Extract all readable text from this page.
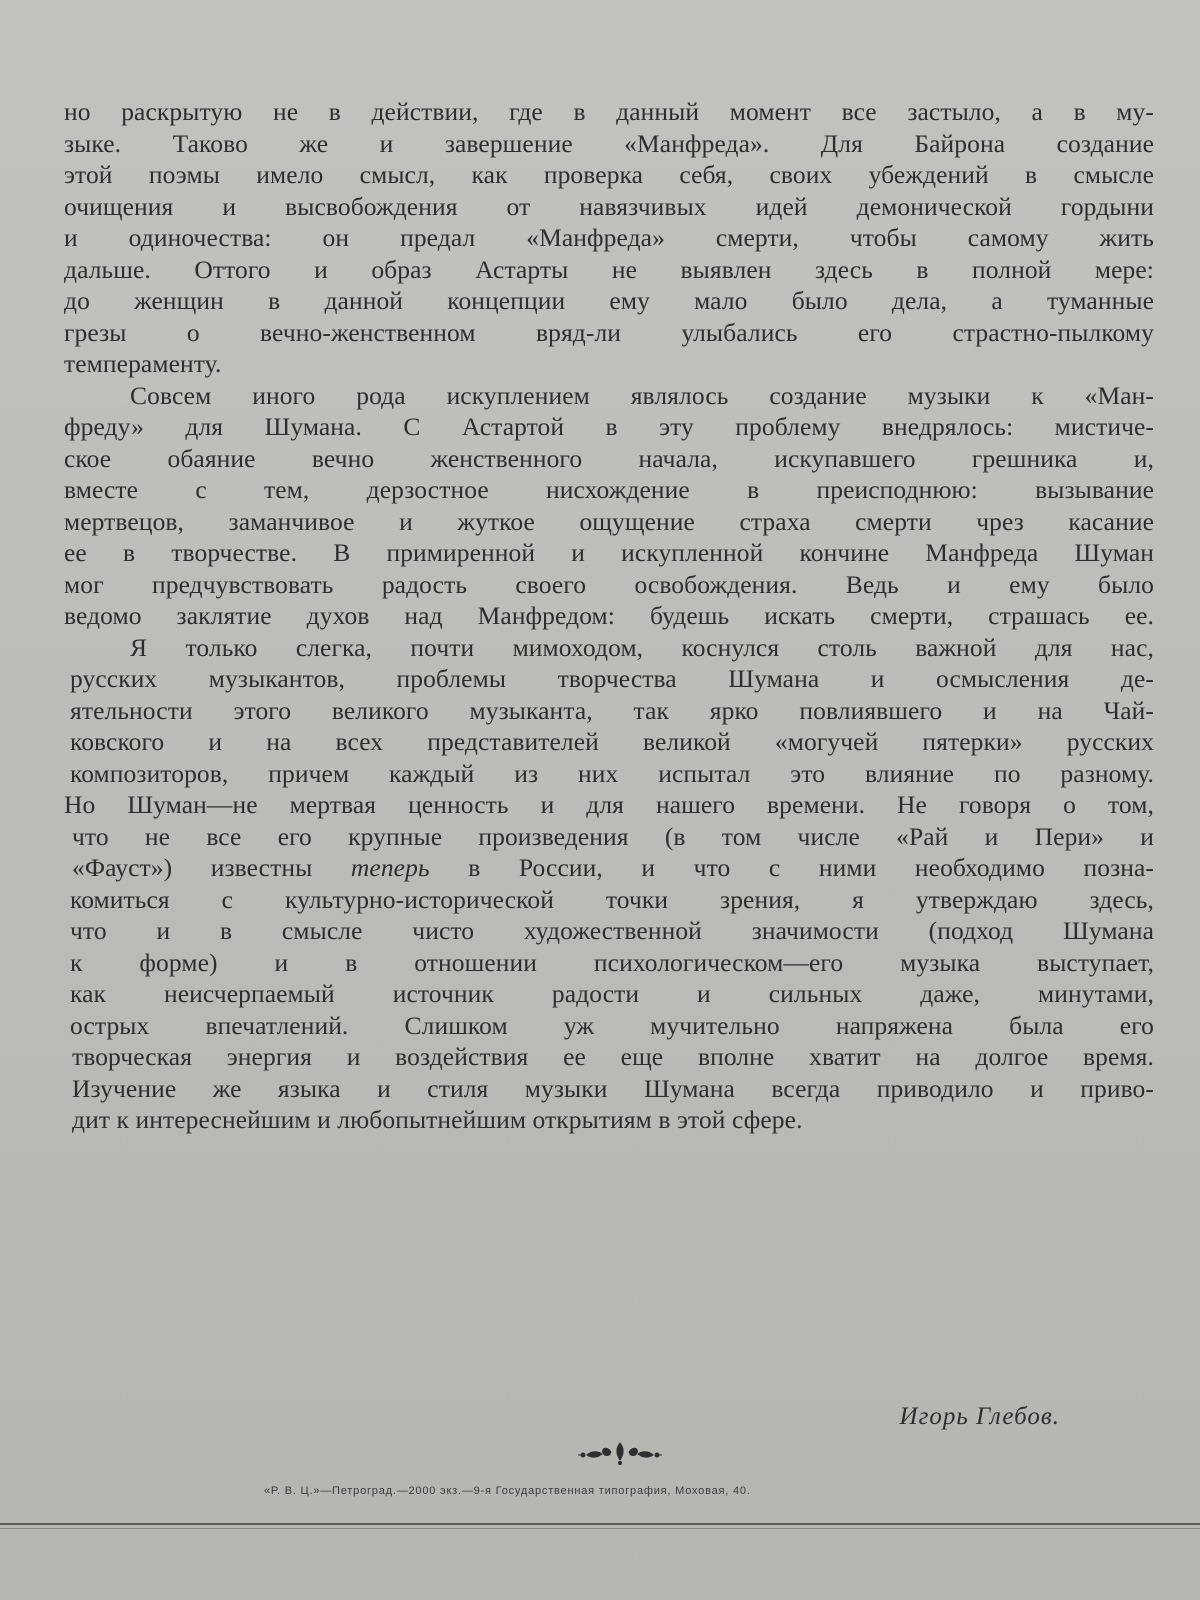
но раскрытую не в действии, где в данный момент все застыло, а в му-
зыке. Таково же и завершение «Манфреда». Для Байрона создание
этой поэмы имело смысл, как проверка себя, своих убеждений в смысле
очищения и высвобождения от навязчивых идей демонической гордыни
и одиночества: он предал «Манфреда» смерти, чтобы самому жить
дальше. Оттого и образ Астарты не выявлен здесь в полной мере:
до женщин в данной концепции ему мало было дела, а туманные
грезы о вечно-женственном вряд-ли улыбались его страстно-пылкому
темпераменту.
Совсем иного рода искуплением являлось создание музыки к «Ман-
фреду» для Шумана. С Астартой в эту проблему внедрялось: мистиче-
ское обаяние вечно женственного начала, искупавшего грешника и,
вместе с тем, дерзостное нисхождение в преисподнюю: вызывание
мертвецов, заманчивое и жуткое ощущение страха смерти чрез касание
ее в творчестве. В примиренной и искупленной кончине Манфреда Шуман
мог предчувствовать радость своего освобождения. Ведь и ему было
ведомо заклятие духов над Манфредом: будешь искать смерти, страшась ее.
Я только слегка, почти мимоходом, коснулся столь важной для нас,
русских музыкантов, проблемы творчества Шумана и осмысления де-
ятельности этого великого музыканта, так ярко повлиявшего и на Чай-
ковского и на всех представителей великой «могучей пятерки» русских
композиторов, причем каждый из них испытал это влияние по разному.
Но Шуман—не мертвая ценность и для нашего времени. Не говоря о том,
что не все его крупные произведения (в том числе «Рай и Пери» и
«Фауст») известны теперь в России, и что с ними необходимо позна-
комиться с культурно-исторической точки зрения, я утверждаю здесь,
что и в смысле чисто художественной значимости (подход Шумана
к форме) и в отношении психологическом—его музыка выступает,
как неисчерпаемый источник радости и сильных даже, минутами,
острых впечатлений. Слишком уж мучительно напряжена была его
творческая энергия и воздействия ее еще вполне хватит на долгое время.
Изучение же языка и стиля музыки Шумана всегда приводило и приво-
дит к интереснейшим и любопытнейшим открытиям в этой сфере.
Игорь Глебов.
«Р. В. Ц.»—Петроград.—2000 экз.—9-я Государственная типография, Моховая, 40.
